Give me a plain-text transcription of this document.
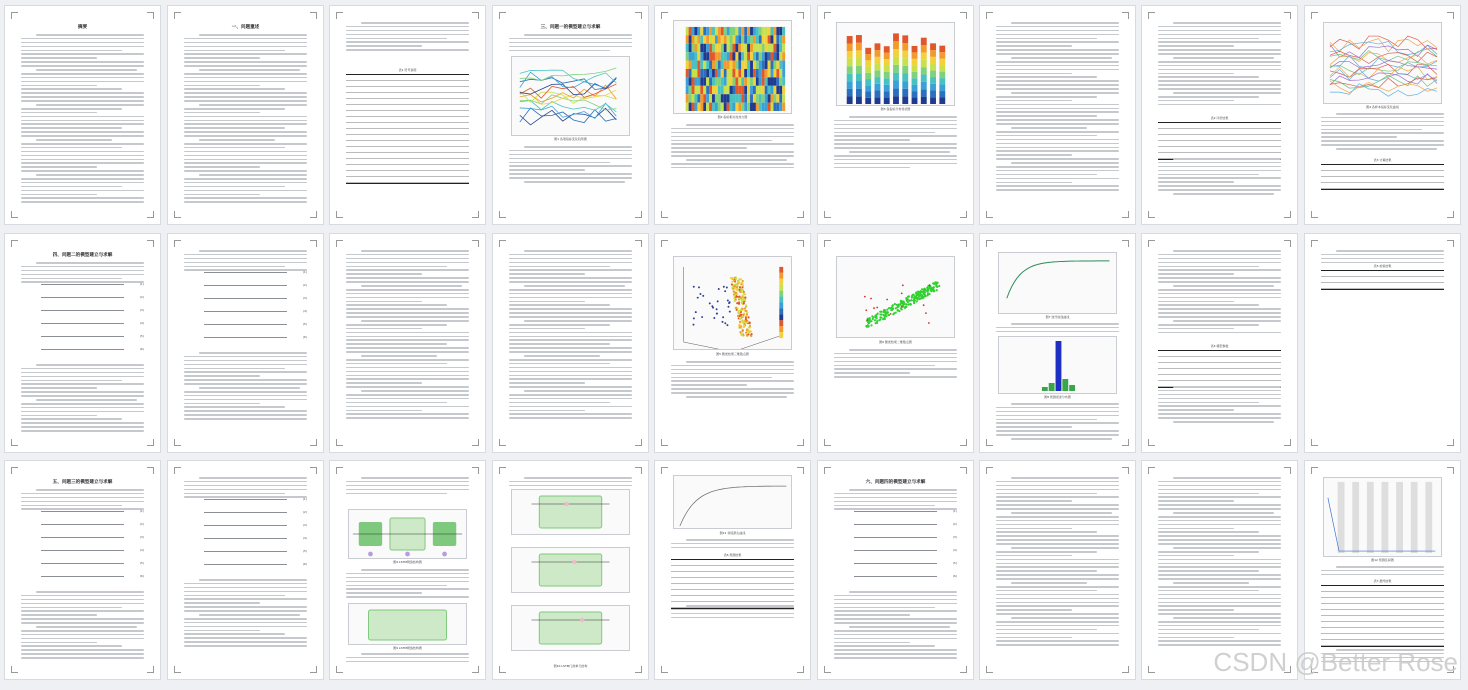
摘要	一、问题重述
表1 符号说明
三、问题一的模型建立与求解
图1 各项指标变化趋势图
图2 指标相关性热力图
图3 各指标分布柱状图
表2 评价结果
图4 各样本指标变化曲线
表3 计算结果
四、问题二的模型建立与求解
(1)
(2)
(3)
(4)
(5)
(6)
(1)
(2)
(3)
(4)
(5)
(6)
图5 聚类结果三维散点图
图6 聚类结果二维散点图
图7 迭代收敛曲线
图8 预测误差分布图
表4 模型参数
表5 检验结果
五、问题三的模型建立与求解
(1)
(2)
(3)
(4)
(5)
(6)
(1)
(2)
(3)
(4)
(5)
(6)	图9 LSTM网络结构图
图9 LSTM网络结构图
图10 LSTM门控单元结构
图11 训练损失曲线
表6 预测结果
六、问题四的模型建立与求解
(1)
(2)
(3)
(4)
(5)
(6)
图12 预测区间图
表7 最终结果
CSDN @Better Rose
